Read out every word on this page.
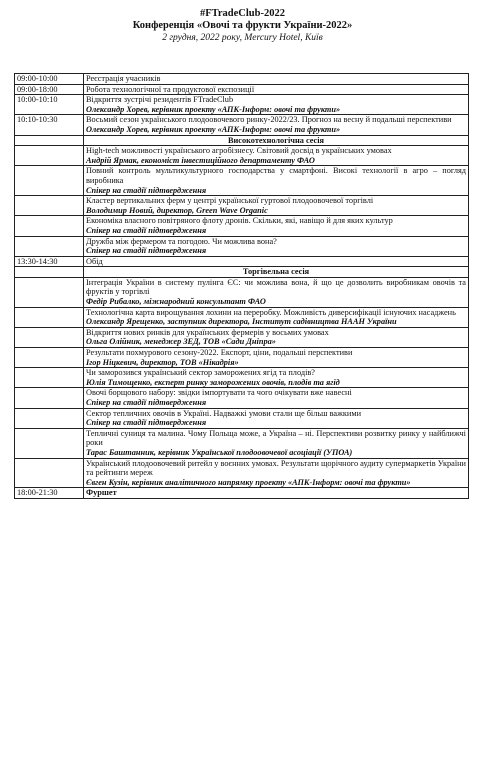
#FTradeClub-2022
Конференція «Овочі та фрукти України-2022»
2 грудня, 2022 року, Mercury Hotel, Київ
09:00-10:00	Реєстрація учасників

09:00-18:00	Робота технологічної та продуктової експозиції

10:00-10:10	Відкриття зустрічі резидентів FTradeClub
Олександр Хорев, керівник проекту «АПК-Інформ: овочі та фрукти»

10:10-10:30	Восьмий сезон українського плодоовочевого ринку-2022/23. Прогноз на весну й подальші перспективи
Олександр Хорев, керівник проекту «АПК-Інформ: овочі та фрукти»

	Високотехнологічна сесія

	High-tech можливості українського агробізнесу. Світовий досвід в українських умовах
Андрій Ярмак, економіст інвестиційного департаменту ФАО

	Повний контроль мультикультурного господарства у смартфоні. Високі технології в агро – погляд виробника
Спікер на стадії підтвердження

	Кластер вертикальних ферм у центрі української гуртової плодоовочевої торгівлі
Володимир Новий, директор, Green Wave Organic

	Економіка власного повітряного флоту дронів. Скільки, які, навіщо й для яких культур
Спікер на стадії підтвердження

	Дружба між фермером та погодою. Чи можлива вона?
Спікер на стадії підтвердження

13:30-14:30	Обід

	Торгівельна сесія

	Інтеграція України в систему пулінга ЄС: чи можлива вона, й що це дозволить виробникам овочів та фруктів у торгівлі
Федір Рибалко, міжнародний консультант ФАО

	Технологічна карта вирощування лохини на переробку. Можливість диверсифікації існуючих насаджень
Олександр Ярещенко, заступник директора, Інститут садівництва НААН України

	Відкриття нових ринків для українських фермерів у восьмих умовах
Ольга Олійник, менеджер ЗЕД, ТОВ «Сади Дніпра»

	Результати похмурового сезону-2022. Експорт, ціни, подальші перспективи
Ігор Ніцкевич, директор, ТОВ «Нікадрія»

	Чи заморозився український сектор заморожених ягід та плодів?
Юлія Тимощенко, експерт ринку заморожених овочів, плодів та ягід

	Овочі борщового набору: звідки імпортувати та чого очікувати вже навесні
Спікер на стадії підтвердження

	Сектор тепличних овочів в Україні. Надважкі умови стали ще більш важкими
Спікер на стадії підтвердження

	Тепличні суниця та малина. Чому Польща може, а Україна – ні. Перспективи розвитку ринку у найближчі роки
Тарас Баштанник, керівник Української плодоовочевої асоціації (УПОА)

	Український плодоовочевий ритейл у воєнних умовах. Результати щорічного аудиту супермаркетів України та рейтинги мереж
Євген Кузін, керівник аналітичного напрямку проекту «АПК-Інформ: овочі та фрукти»

18:00-21:30	Фуршет
